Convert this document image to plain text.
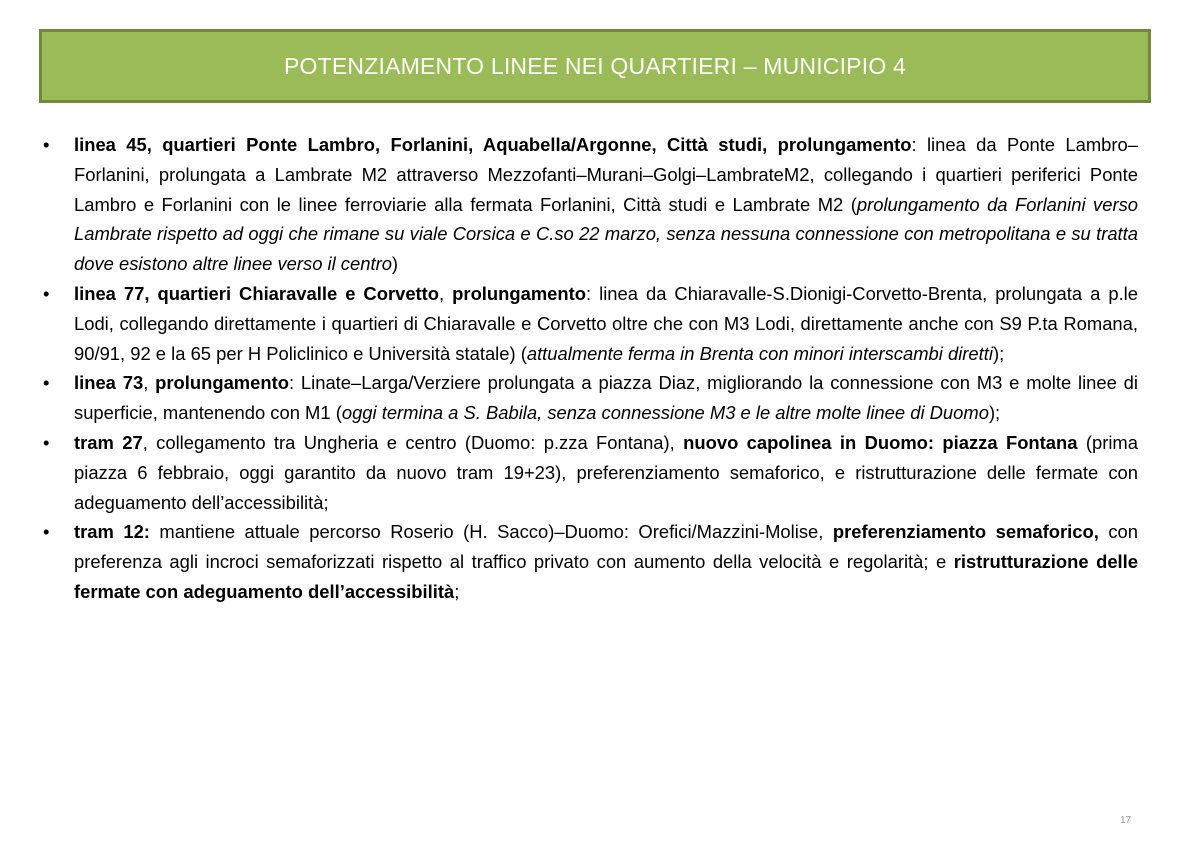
POTENZIAMENTO LINEE NEI QUARTIERI – MUNICIPIO 4
• linea 45, quartieri Ponte Lambro, Forlanini, Aquabella/Argonne, Città studi, prolungamento: linea da Ponte Lambro–Forlanini, prolungata a Lambrate M2 attraverso Mezzofanti–Murani–Golgi–LambrateM2, collegando i quartieri periferici Ponte Lambro e Forlanini con le linee ferroviarie alla fermata Forlanini, Città studi e Lambrate M2 (prolungamento da Forlanini verso Lambrate rispetto ad oggi che rimane su viale Corsica e C.so 22 marzo, senza nessuna connessione con metropolitana e su tratta dove esistono altre linee verso il centro)
• linea 77, quartieri Chiaravalle e Corvetto, prolungamento: linea da Chiaravalle-S.Dionigi-Corvetto-Brenta, prolungata a p.le Lodi, collegando direttamente i quartieri di Chiaravalle e Corvetto oltre che con M3 Lodi, direttamente anche con S9 P.ta Romana, 90/91, 92 e la 65 per H Policlinico e Università statale) (attualmente ferma in Brenta con minori interscambi diretti);
• linea 73, prolungamento: Linate–Larga/Verziere prolungata a piazza Diaz, migliorando la connessione con M3 e molte linee di superficie, mantenendo con M1 (oggi termina a S. Babila, senza connessione M3 e le altre molte linee di Duomo);
• tram 27, collegamento tra Ungheria e centro (Duomo: p.zza Fontana), nuovo capolinea in Duomo: piazza Fontana (prima piazza 6 febbraio, oggi garantito da nuovo tram 19+23), preferenziamento semaforico, e ristrutturazione delle fermate con adeguamento dell’accessibilità;
• tram 12: mantiene attuale percorso Roserio (H. Sacco)–Duomo: Orefici/Mazzini-Molise, preferenziamento semaforico, con preferenza agli incroci semaforizzati rispetto al traffico privato con aumento della velocità e regolarità; e ristrutturazione delle fermate con adeguamento dell’accessibilità;
17
